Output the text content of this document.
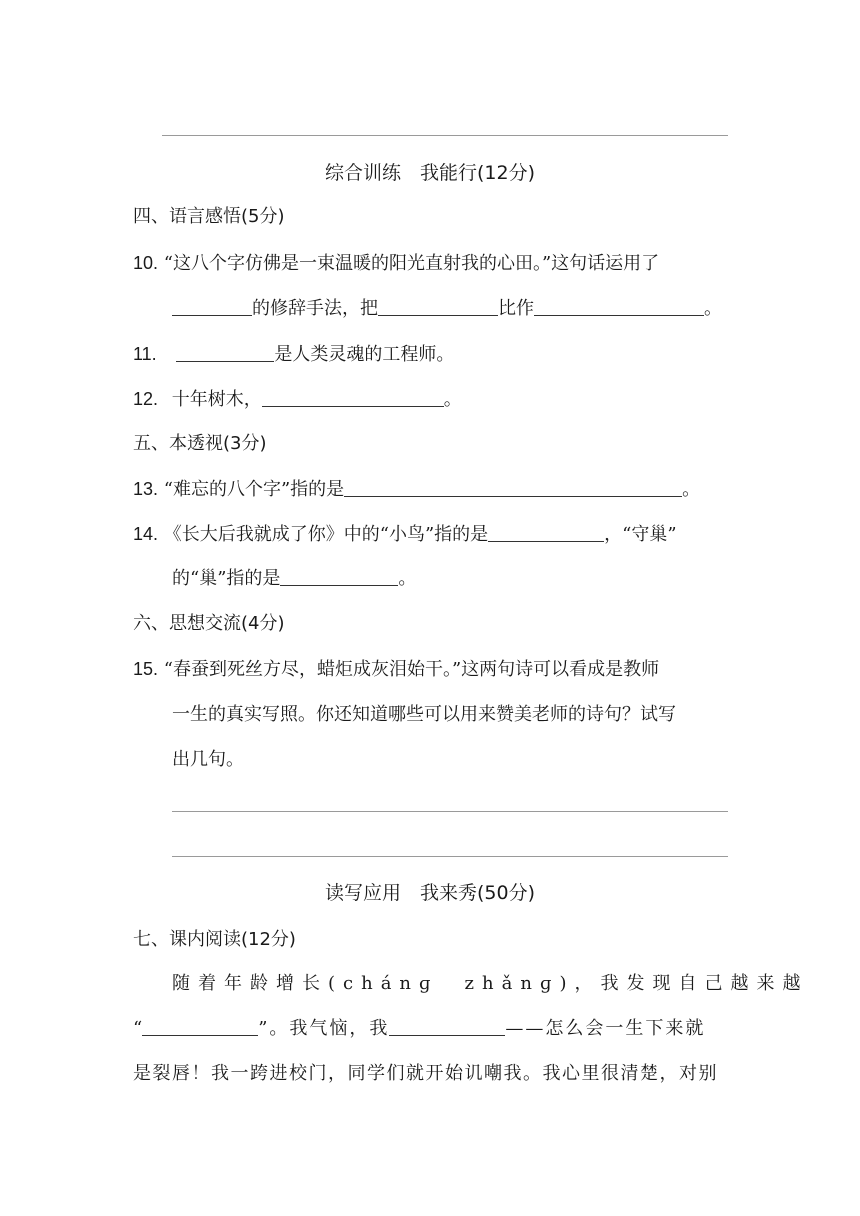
综合训练　我能行(12分)
四、语言感悟(5分)
10. “这八个字仿佛是一束温暖的阳光直射我的心田。”这句话运用了
的修辞手法，把	比作	。
11.	是人类灵魂的工程师。
12. 十年树木，	。
五、本透视(3分)
13. “难忘的八个字”指的是	。
14. 《长大后我就成了你》中的“小鸟”指的是	，“守巢”
的“巢”指的是	。
六、思想交流(4分)
15. “春蚕到死丝方尽，蜡炬成灰泪始干。”这两句诗可以看成是教师
一生的真实写照。你还知道哪些可以用来赞美老师的诗句？试写
出几句。
读写应用　我来秀(50分)
七、课内阅读(12分)
随着年龄增长(chánɡ　zhǎnɡ)，我发现自己越来越
“	”。我气恼，我	——怎么会一生下来就
是裂唇！我一跨进校门，同学们就开始讥嘲我。我心里很清楚，对别
